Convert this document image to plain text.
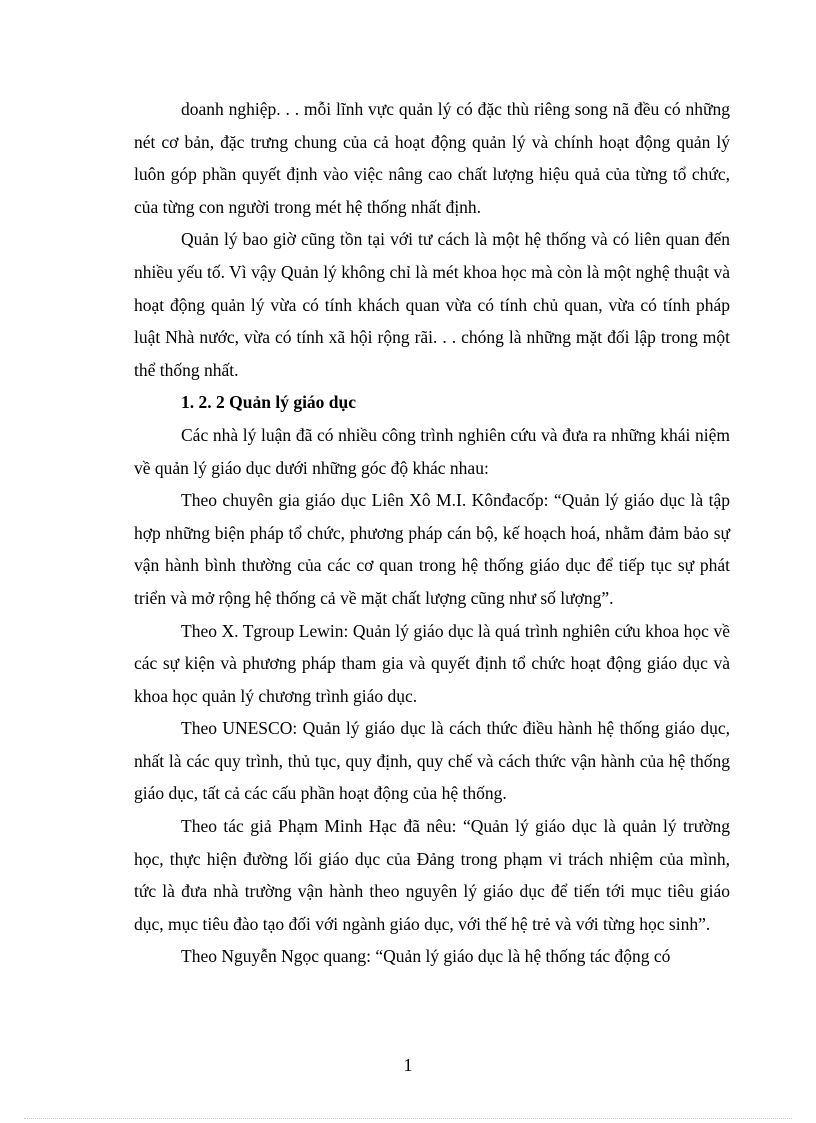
doanh nghiệp. . . mỗi lĩnh vực quản lý có đặc thù riêng song nã đều có những nét cơ bản, đặc trưng chung của cả hoạt động quản lý và chính hoạt động quản lý luôn góp phần quyết định vào việc nâng cao chất lượng hiệu quả của từng tổ chức, của từng con người trong mét hệ thống nhất định.

Quản lý bao giờ cũng tồn tại với tư cách là một hệ thống và có liên quan đến nhiều yếu tố. Vì vậy Quản lý không chỉ là mét khoa học mà còn là một nghệ thuật và hoạt động quản lý vừa có tính khách quan vừa có tính chủ quan, vừa có tính pháp luật Nhà nước, vừa có tính xã hội rộng rãi. . . chóng là những mặt đối lập trong một thể thống nhất.

1. 2. 2 Quản lý giáo dục

Các nhà lý luận đã có nhiều công trình nghiên cứu và đưa ra những khái niệm về quản lý giáo dục dưới những góc độ khác nhau:

Theo chuyên gia giáo dục Liên Xô M.I. Kônđacốp: “Quản lý giáo dục là tập hợp những biện pháp tổ chức, phương pháp cán bộ, kế hoạch hoá, nhằm đảm bảo sự vận hành bình thường của các cơ quan trong hệ thống giáo dục để tiếp tục sự phát triển và mở rộng hệ thống cả về mặt chất lượng cũng như số lượng”.

Theo X. Tgroup Lewin: Quản lý giáo dục là quá trình nghiên cứu khoa học về các sự kiện và phương pháp tham gia và quyết định tổ chức hoạt động giáo dục và khoa học quản lý chương trình giáo dục.

Theo UNESCO: Quản lý giáo dục là cách thức điều hành hệ thống giáo dục, nhất là các quy trình, thủ tục, quy định, quy chế và cách thức vận hành của hệ thống giáo dục, tất cả các cấu phần hoạt động của hệ thống.

Theo tác giả Phạm Minh Hạc đã nêu: “Quản lý giáo dục là quản lý trường học, thực hiện đường lối giáo dục của Đảng trong phạm vi trách nhiệm của mình, tức là đưa nhà trường vận hành theo nguyên lý giáo dục để tiến tới mục tiêu giáo dục, mục tiêu đào tạo đối với ngành giáo dục, với thế hệ trẻ và với từng học sinh”.

Theo Nguyễn Ngọc quang: “Quản lý giáo dục là hệ thống tác động có

1
